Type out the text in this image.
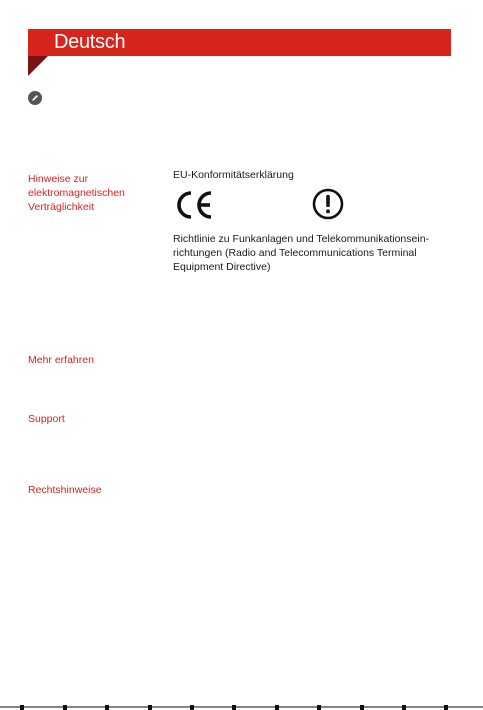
Deutsch
Hinweise zur
elektromagnetischen
Verträglichkeit
EU-Konformitätserklärung
Richtlinie zu Funkanlagen und Telekommunikationsein-richtungen (Radio and Telecommunications Terminal Equipment Directive)
Mehr erfahren
Support
Rechtshinweise
